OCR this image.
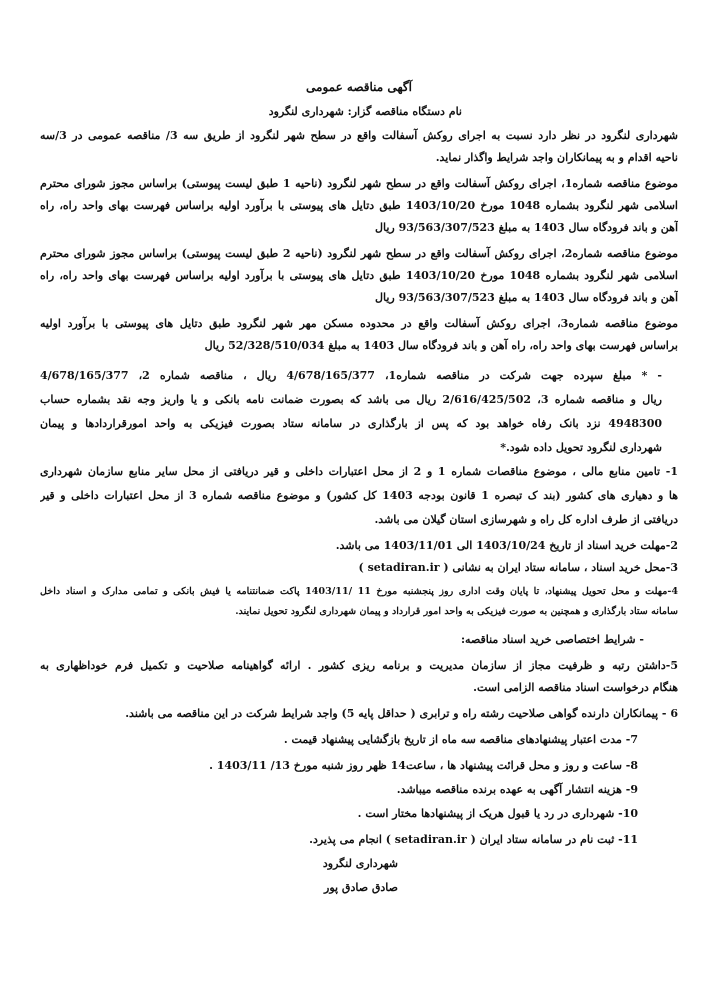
آگهی مناقصه عمومی
نام دستگاه مناقصه گزار: شهرداری لنگرود
شهرداری لنگرود در نظر دارد نسبت به اجرای روکش آسفالت واقع در سطح شهر لنگرود از طریق سه 3/ مناقصه عمومی در 3/سه
ناحیه اقدام و به پیمانکاران واجد شرایط واگذار نماید.
موضوع مناقصه شماره1، اجرای روکش آسفالت واقع در سطح شهر لنگرود (ناحیه 1 طبق لیست پیوستی) براساس مجوز شورای محترم
اسلامی شهر لنگرود بشماره 1048 مورخ 1403/10/20 طبق دتایل های پیوستی با برآورد اولیه براساس فهرست بهای واحد راه، راه
آهن و باند فرودگاه سال 1403 به مبلغ 93/563/307/523 ریال
موضوع مناقصه شماره2، اجرای روکش آسفالت واقع در سطح شهر لنگرود (ناحیه 2 طبق لیست پیوستی) براساس مجوز شورای محترم
اسلامی شهر لنگرود بشماره 1048 مورخ 1403/10/20 طبق دتایل های پیوستی با برآورد اولیه براساس فهرست بهای واحد راه، راه
آهن و باند فرودگاه سال 1403 به مبلغ 93/563/307/523 ریال
موضوع مناقصه شماره3، اجرای روکش آسفالت واقع در محدوده مسکن مهر شهر لنگرود طبق دتایل های پیوستی با برآورد اولیه
براساس فهرست بهای واحد راه، راه آهن و باند فرودگاه سال 1403 به مبلغ 52/328/510/034 ریال
- * مبلغ سپرده جهت شرکت در مناقصه شماره1، 4/678/165/377 ریال ، مناقصه شماره 2، 4/678/165/377
ریال و مناقصه شماره 3، 2/616/425/502 ریال می باشد که بصورت ضمانت نامه بانکی و یا واریز وجه نقد بشماره حساب
4948300 نزد بانک رفاه خواهد بود که پس از بارگذاری در سامانه ستاد بصورت فیزیکی به واحد امورقراردادها و پیمان
شهرداری لنگرود تحویل داده شود.*
1- تامین منابع مالی ، موضوع مناقصات شماره 1 و 2 از محل اعتبارات داخلی و قیر دریافتی از محل سایر منابع سازمان شهرداری
ها و دهیاری های کشور (بند ک تبصره 1 قانون بودجه 1403 کل کشور) و موضوع مناقصه شماره 3 از محل اعتبارات داخلی و قیر
دریافتی از طرف اداره کل راه و شهرسازی استان گیلان می باشد.
2-مهلت خرید اسناد از تاریخ 1403/10/24 الی 1403/11/01 می باشد.
3-محل خرید اسناد ، سامانه ستاد ایران به نشانی ( setadiran.ir )
4-مهلت و محل تحویل پیشنهاد، تا پایان وقت اداری روز پنجشنبه مورخ 11 /1403/11 پاکت ضمانتنامه یا فیش بانکی و تمامی مدارک و اسناد داخل
سامانه ستاد بارگذاری و همچنین به صورت فیزیکی به واحد امور قرارداد و پیمان شهرداری لنگرود تحویل نمایند.
- شرایط اختصاصی خرید اسناد مناقصه:
5-داشتن رتبه و ظرفیت مجاز از سازمان مدیریت و برنامه ریزی کشور . ارائه گواهینامه صلاحیت و تکمیل فرم خوداظهاری به
هنگام درخواست اسناد مناقصه الزامی است.
6 - پیمانکاران دارنده گواهی صلاحیت رشته راه و ترابری ( حداقل پایه 5) واجد شرایط شرکت در این مناقصه می باشند.
7- مدت اعتبار پیشنهادهای مناقصه سه ماه از تاریخ بازگشایی پیشنهاد قیمت .
8- ساعت و روز و محل قرائت پیشنهاد ها ، ساعت14 ظهر روز شنبه مورخ 13/ 1403/11 .
9- هزینه انتشار آگهی به عهده برنده مناقصه میباشد.
10- شهرداری در رد یا قبول هریک از پیشنهادها مختار است .
11- ثبت نام در سامانه ستاد ایران ( setadiran.ir ) انجام می پذیرد.
شهرداری لنگرود
صادق صادق پور
